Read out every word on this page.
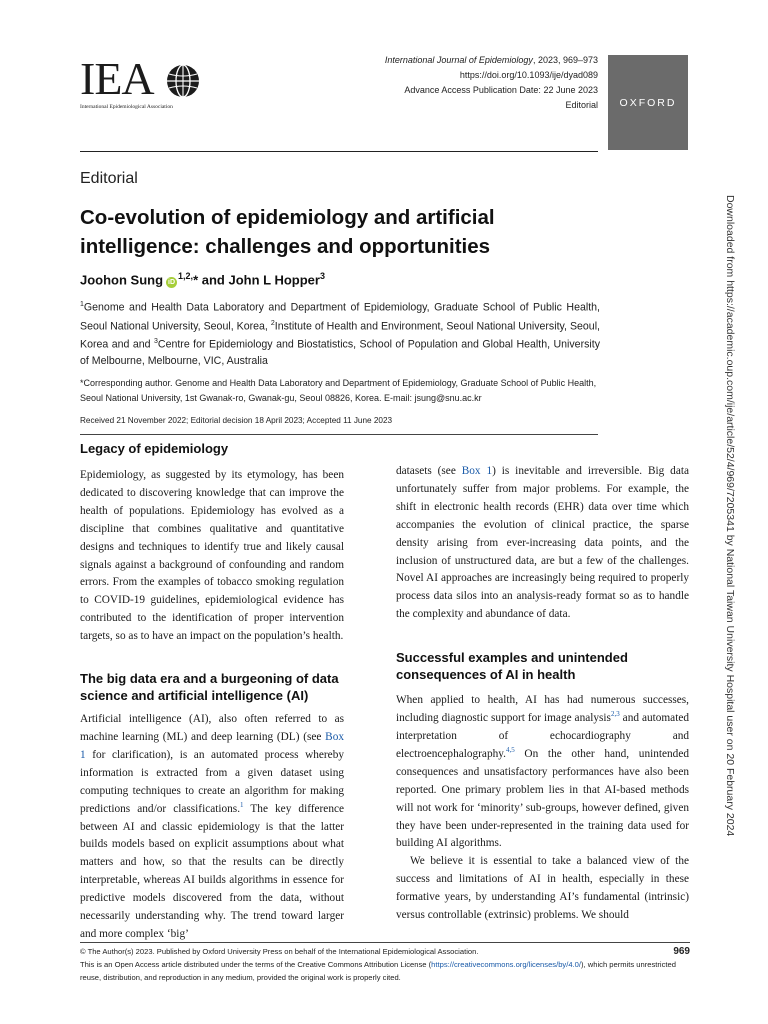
IEA
International Epidemiological Association
International Journal of Epidemiology, 2023, 969–973
https://doi.org/10.1093/ije/dyad089
Advance Access Publication Date: 22 June 2023
Editorial	OXFORD
Editorial
Co-evolution of epidemiology and artificial intelligence: challenges and opportunities
Joohon Sung $iD^{1,2,}*$ and John L Hopper$^3$
$^1$Genome and Health Data Laboratory and Department of Epidemiology, Graduate School of Public Health, Seoul National University, Seoul, Korea, $^2$Institute of Health and Environment, Seoul National University, Seoul, Korea and and $^3$Centre for Epidemiology and Biostatistics, School of Population and Global Health, University of Melbourne, Melbourne, VIC, Australia
*Corresponding author. Genome and Health Data Laboratory and Department of Epidemiology, Graduate School of Public Health, Seoul National University, 1st Gwanak-ro, Gwanak-gu, Seoul 08826, Korea. E-mail: jsung@snu.ac.kr
Received 21 November 2022; Editorial decision 18 April 2023; Accepted 11 June 2023
Legacy of epidemiology

Epidemiology, as suggested by its etymology, has been dedicated to discovering knowledge that can improve the health of populations. Epidemiology has evolved as a discipline that combines qualitative and quantitative designs and techniques to identify true and likely causal signals against a background of confounding and random errors. From the examples of tobacco smoking regulation to COVID-19 guidelines, epidemiological evidence has contributed to the identification of proper intervention targets, so as to have an impact on the population’s health.

The big data era and a burgeoning of data science and artificial intelligence (AI)

Artificial intelligence (AI), also often referred to as machine learning (ML) and deep learning (DL) (see Box 1 for clarification), is an automated process whereby information is extracted from a given dataset using computing techniques to create an algorithm for making predictions and/or classifications.$^1$ The key difference between AI and classic epidemiology is that the latter builds models based on explicit assumptions about what matters and how, so that the results can be directly interpretable, whereas AI builds algorithms in essence for predictive models discovered from the data, without necessarily understanding why. The trend toward larger and more complex ‘big’

datasets (see Box 1) is inevitable and irreversible. Big data unfortunately suffer from major problems. For example, the shift in electronic health records (EHR) data over time which accompanies the evolution of clinical practice, the sparse density arising from ever-increasing data points, and the inclusion of unstructured data, are but a few of the challenges. Novel AI approaches are increasingly being required to properly process data silos into an analysis-ready format so as to handle the complexity and abundance of data.

Successful examples and unintended consequences of AI in health

When applied to health, AI has had numerous successes, including diagnostic support for image analysis$^{2,3}$ and automated interpretation of echocardiography and electroencephalography.$^{4,5}$ On the other hand, unintended consequences and unsatisfactory performances have also been reported. One primary problem lies in that AI-based methods will not work for ‘minority’ sub-groups, however defined, given they have been under-represented in the training data used for building AI algorithms.

We believe it is essential to take a balanced view of the success and limitations of AI in health, especially in these formative years, by understanding AI’s fundamental (intrinsic) versus controllable (extrinsic) problems. We should

Downloaded from https://academic.oup.com/ije/article/52/4/969/7205341 by National Taiwan University Hospital user on 20 February 2024
© The Author(s) 2023. Published by Oxford University Press on behalf of the International Epidemiological Association.
This is an Open Access article distributed under the terms of the Creative Commons Attribution License (https://creativecommons.org/licenses/by/4.0/), which permits unrestricted reuse, distribution, and reproduction in any medium, provided the original work is properly cited.
969
